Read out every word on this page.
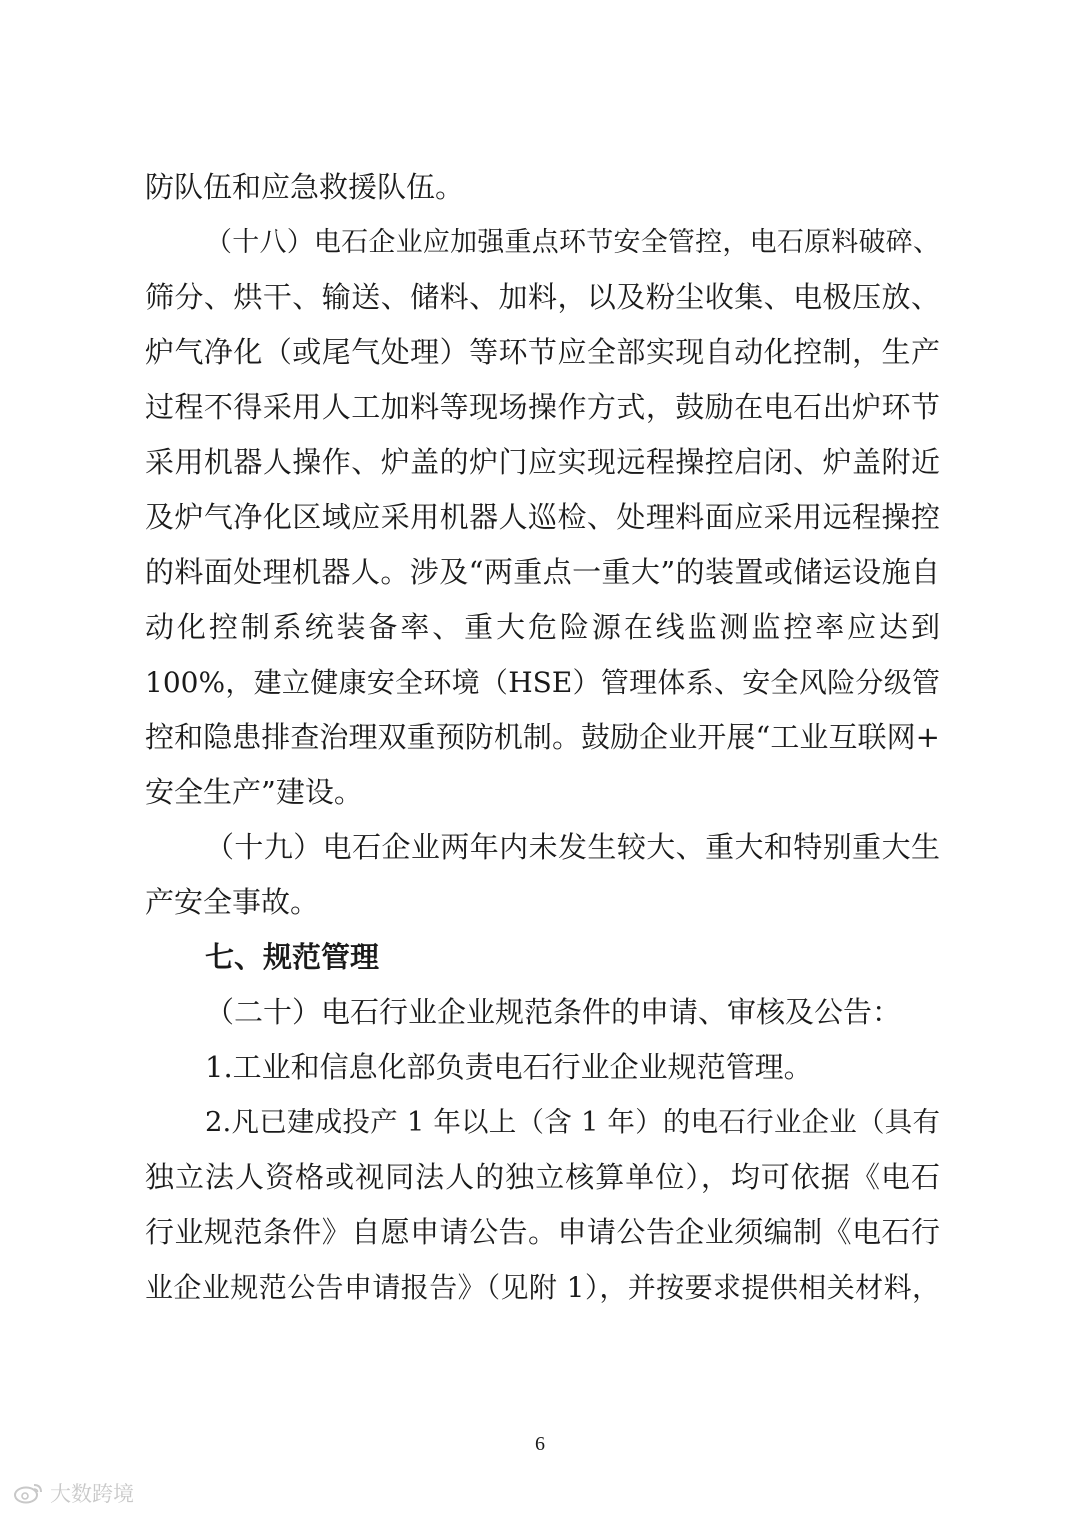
防队伍和应急救援队伍。
（十八）电石企业应加强重点环节安全管控，电石原料破碎、
筛分、烘干、输送、储料、加料，以及粉尘收集、电极压放、
炉气净化（或尾气处理）等环节应全部实现自动化控制，生产
过程不得采用人工加料等现场操作方式，鼓励在电石出炉环节
采用机器人操作、炉盖的炉门应实现远程操控启闭、炉盖附近
及炉气净化区域应采用机器人巡检、处理料面应采用远程操控
的料面处理机器人。涉及“两重点一重大”的装置或储运设施自
动化控制系统装备率、重大危险源在线监测监控率应达到
100%，建立健康安全环境（HSE）管理体系、安全风险分级管
控和隐患排查治理双重预防机制。鼓励企业开展“工业互联网+
安全生产”建设。
（十九）电石企业两年内未发生较大、重大和特别重大生
产安全事故。
七、规范管理
（二十）电石行业企业规范条件的申请、审核及公告：
1.工业和信息化部负责电石行业企业规范管理。
2.凡已建成投产 1 年以上（含 1 年）的电石行业企业（具有
独立法人资格或视同法人的独立核算单位），均可依据《电石
行业规范条件》自愿申请公告。申请公告企业须编制《电石行
业企业规范公告申请报告》（见附 1），并按要求提供相关材料，
6
大数跨境
